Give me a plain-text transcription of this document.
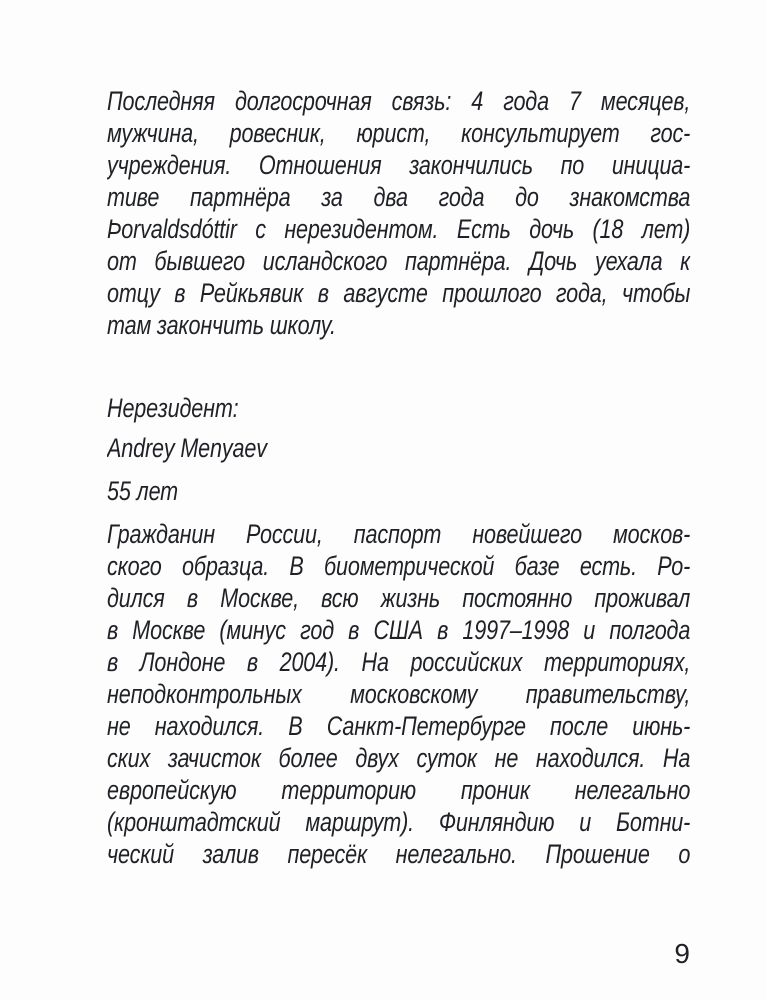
Последняя долгосрочная связь: 4 года 7 месяцев,
мужчина, ровесник, юрист, консультирует гос-
учреждения. Отношения закончились по инициа-
тиве партнёра за два года до знакомства
Þorvaldsdóttir с нерезидентом. Есть дочь (18 лет)
от бывшего исландского партнёра. Дочь уехала к
отцу в Рейкьявик в августе прошлого года, чтобы
там закончить школу.
Нерезидент:
Andrey Menyaev
55 лет
Гражданин России, паспорт новейшего москов-
ского образца. В биометрической базе есть. Ро-
дился в Москве, всю жизнь постоянно проживал
в Москве (минус год в США в 1997–1998 и полгода
в Лондоне в 2004). На российских территориях,
неподконтрольных московскому правительству,
не находился. В Санкт-Петербурге после июнь-
ских зачисток более двух суток не находился. На
европейскую территорию проник нелегально
(кронштадтский маршрут). Финляндию и Ботни-
ческий залив пересёк нелегально. Прошение о
9
